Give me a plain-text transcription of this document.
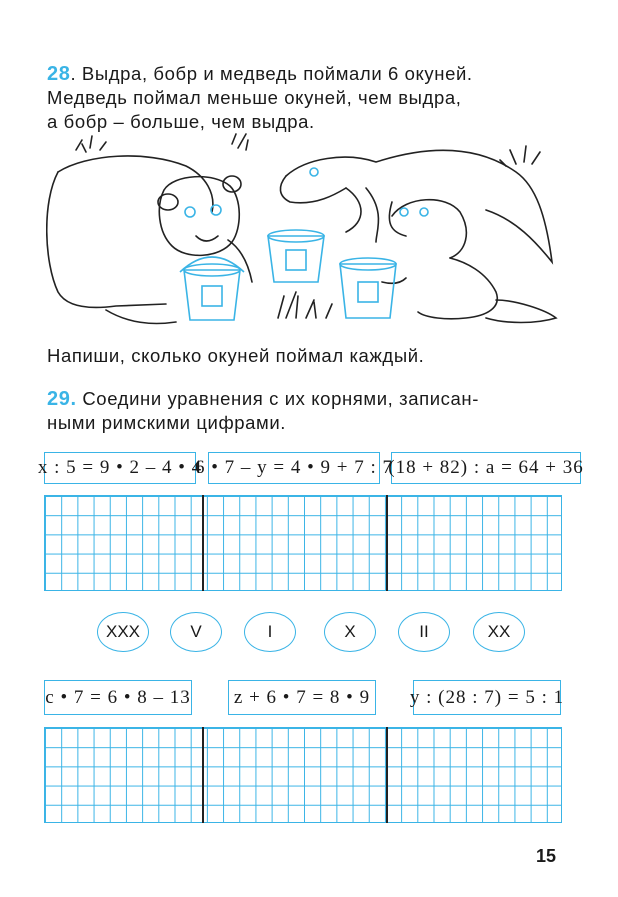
28. Выдра, бобр и медведь поймали 6 окуней.
Медведь поймал меньше окуней, чем выдра,
а бобр – больше, чем выдра.
Напиши, сколько окуней поймал каждый.
29. Соедини уравнения с их корнями, записан-
ными римскими цифрами.
x : 5 = 9 • 2 – 4 • 4
6 • 7 – y = 4 • 9 + 7 : 7
(18 + 82) : a = 64 + 36
XXX	V	I	X	II	XX
c • 7 = 6 • 8 – 13	z + 6 • 7 = 8 • 9	y : (28 : 7) = 5 : 1
15
